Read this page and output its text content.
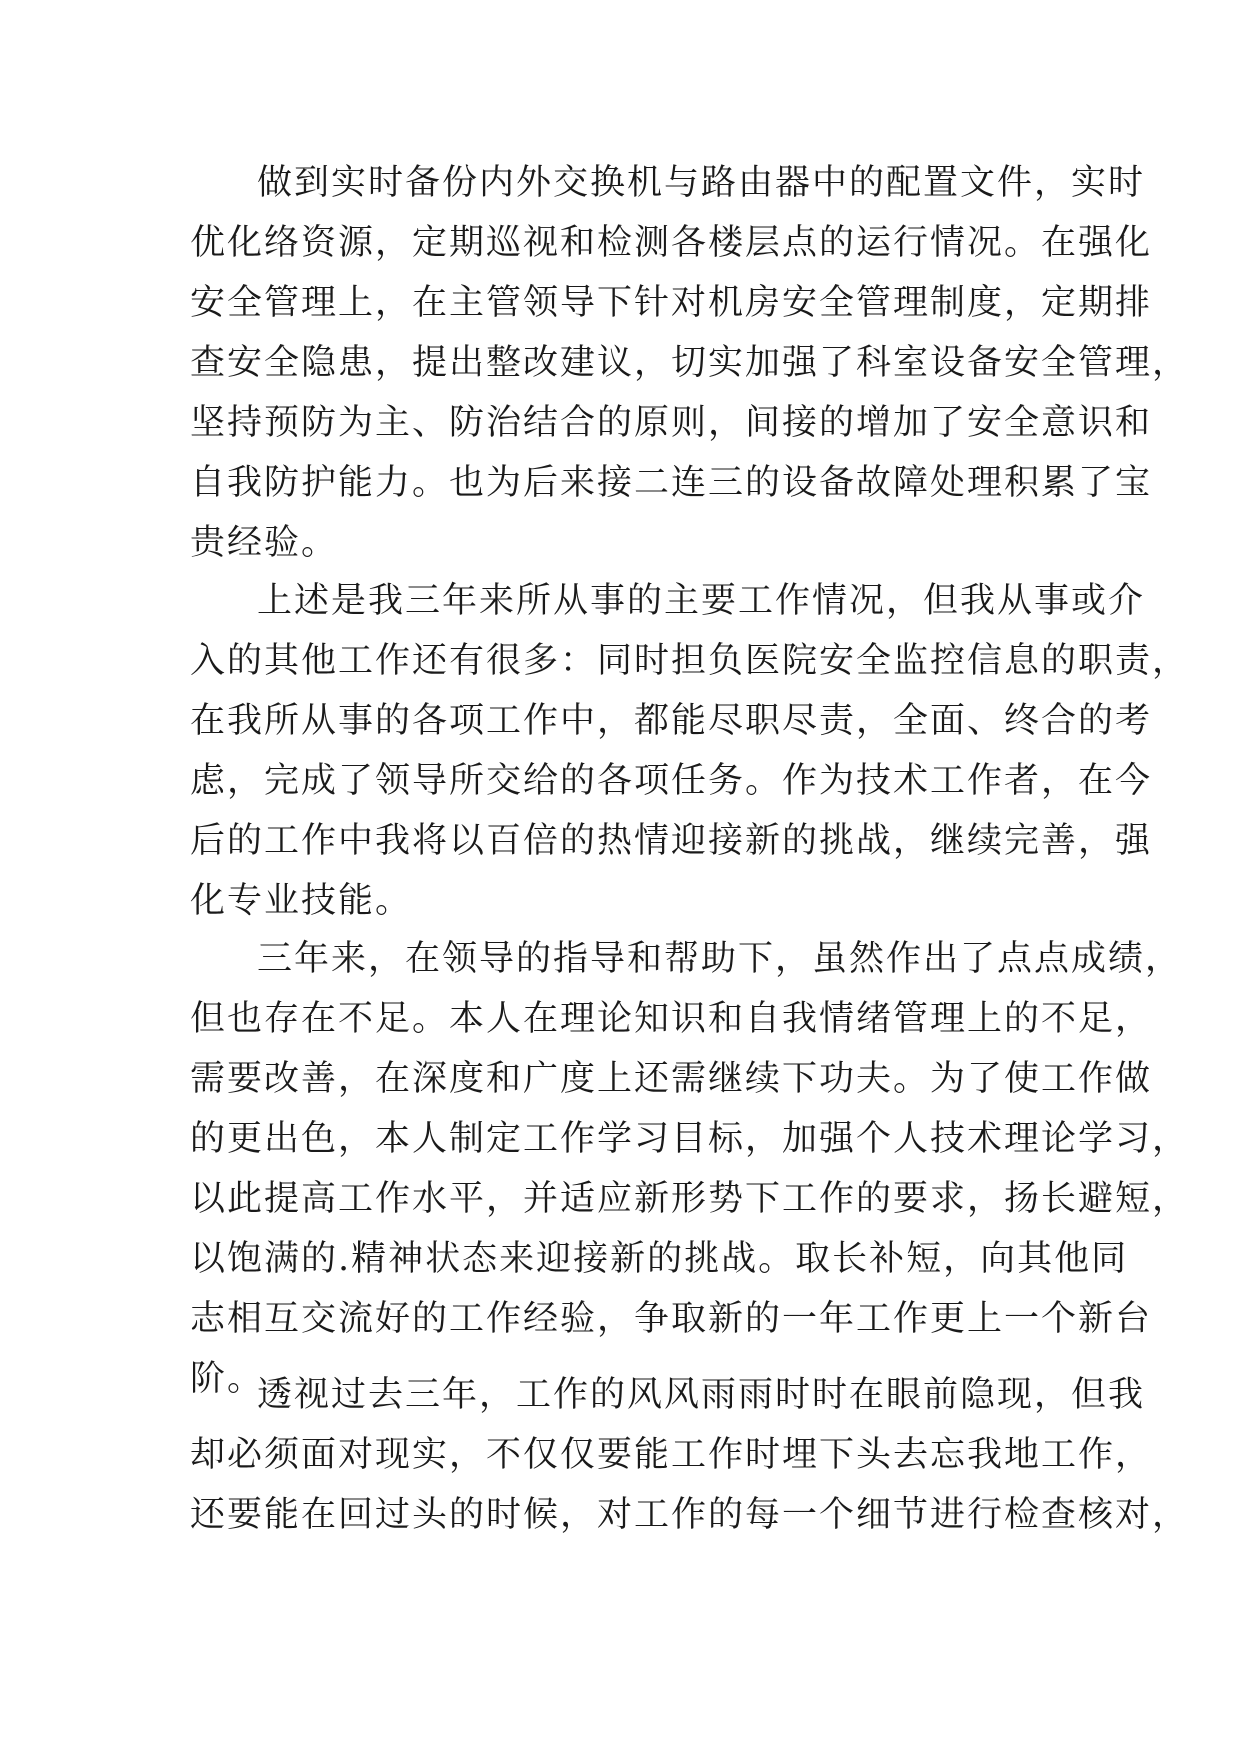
做到实时备份内外交换机与路由器中的配置文件，实时
优化络资源，定期巡视和检测各楼层点的运行情况。在强化
安全管理上，在主管领导下针对机房安全管理制度，定期排
查安全隐患，提出整改建议，切实加强了科室设备安全管理，
坚持预防为主、防治结合的原则，间接的增加了安全意识和
自我防护能力。也为后来接二连三的设备故障处理积累了宝
贵经验。
上述是我三年来所从事的主要工作情况，但我从事或介
入的其他工作还有很多：同时担负医院安全监控信息的职责，
在我所从事的各项工作中，都能尽职尽责，全面、终合的考
虑，完成了领导所交给的各项任务。作为技术工作者，在今
后的工作中我将以百倍的热情迎接新的挑战，继续完善，强
化专业技能。
三年来，在领导的指导和帮助下，虽然作出了点点成绩，
但也存在不足。本人在理论知识和自我情绪管理上的不足，
需要改善，在深度和广度上还需继续下功夫。为了使工作做
的更出色，本人制定工作学习目标，加强个人技术理论学习，
以此提高工作水平，并适应新形势下工作的要求，扬长避短，
以饱满的.精神状态来迎接新的挑战。取长补短，向其他同
志相互交流好的工作经验，争取新的一年工作更上一个新台
阶。
透视过去三年，工作的风风雨雨时时在眼前隐现，但我
却必须面对现实，不仅仅要能工作时埋下头去忘我地工作，
还要能在回过头的时候，对工作的每一个细节进行检查核对，
